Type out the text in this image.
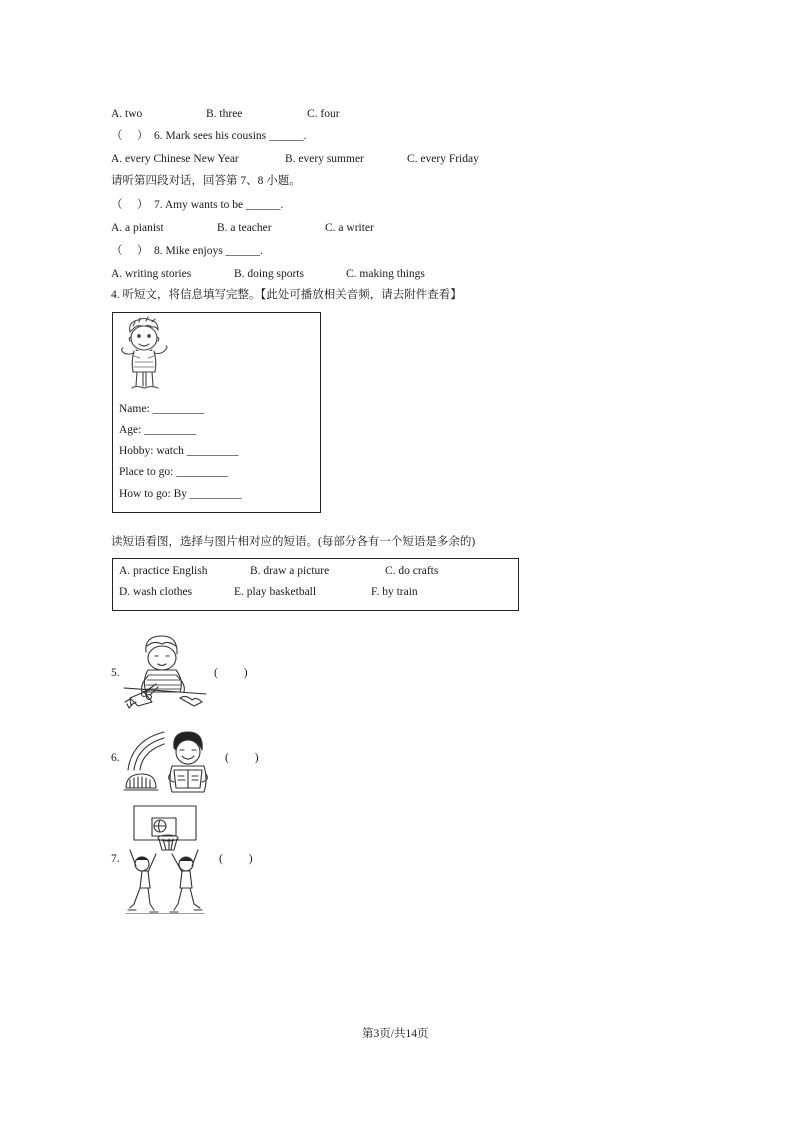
A. two	B. three	C. four
（　 ） 6. Mark sees his cousins ______.
A. every Chinese New Year	B. every summer	C. every Friday
请听第四段对话，回答第 7、8 小题。
（　 ） 7. Amy wants to be ______.
A. a pianist	B. a teacher	C. a writer
（　 ） 8. Mike enjoys ______.
A. writing stories	B. doing sports	C. making things
4. 听短文，将信息填写完整。【此处可播放相关音频，请去附件查看】
Name: _________
Age: _________
Hobby: watch _________
Place to go: _________
How to go: By _________
读短语看图，选择与图片相对应的短语。(每部分各有一个短语是多余的)
A. practice English	B. draw a picture	C. do crafts
D. wash clothes	E. play basketball	F. by train
5.	(　 　)
6.	(　 　)
7.	(　 　)
第3页/共14页
